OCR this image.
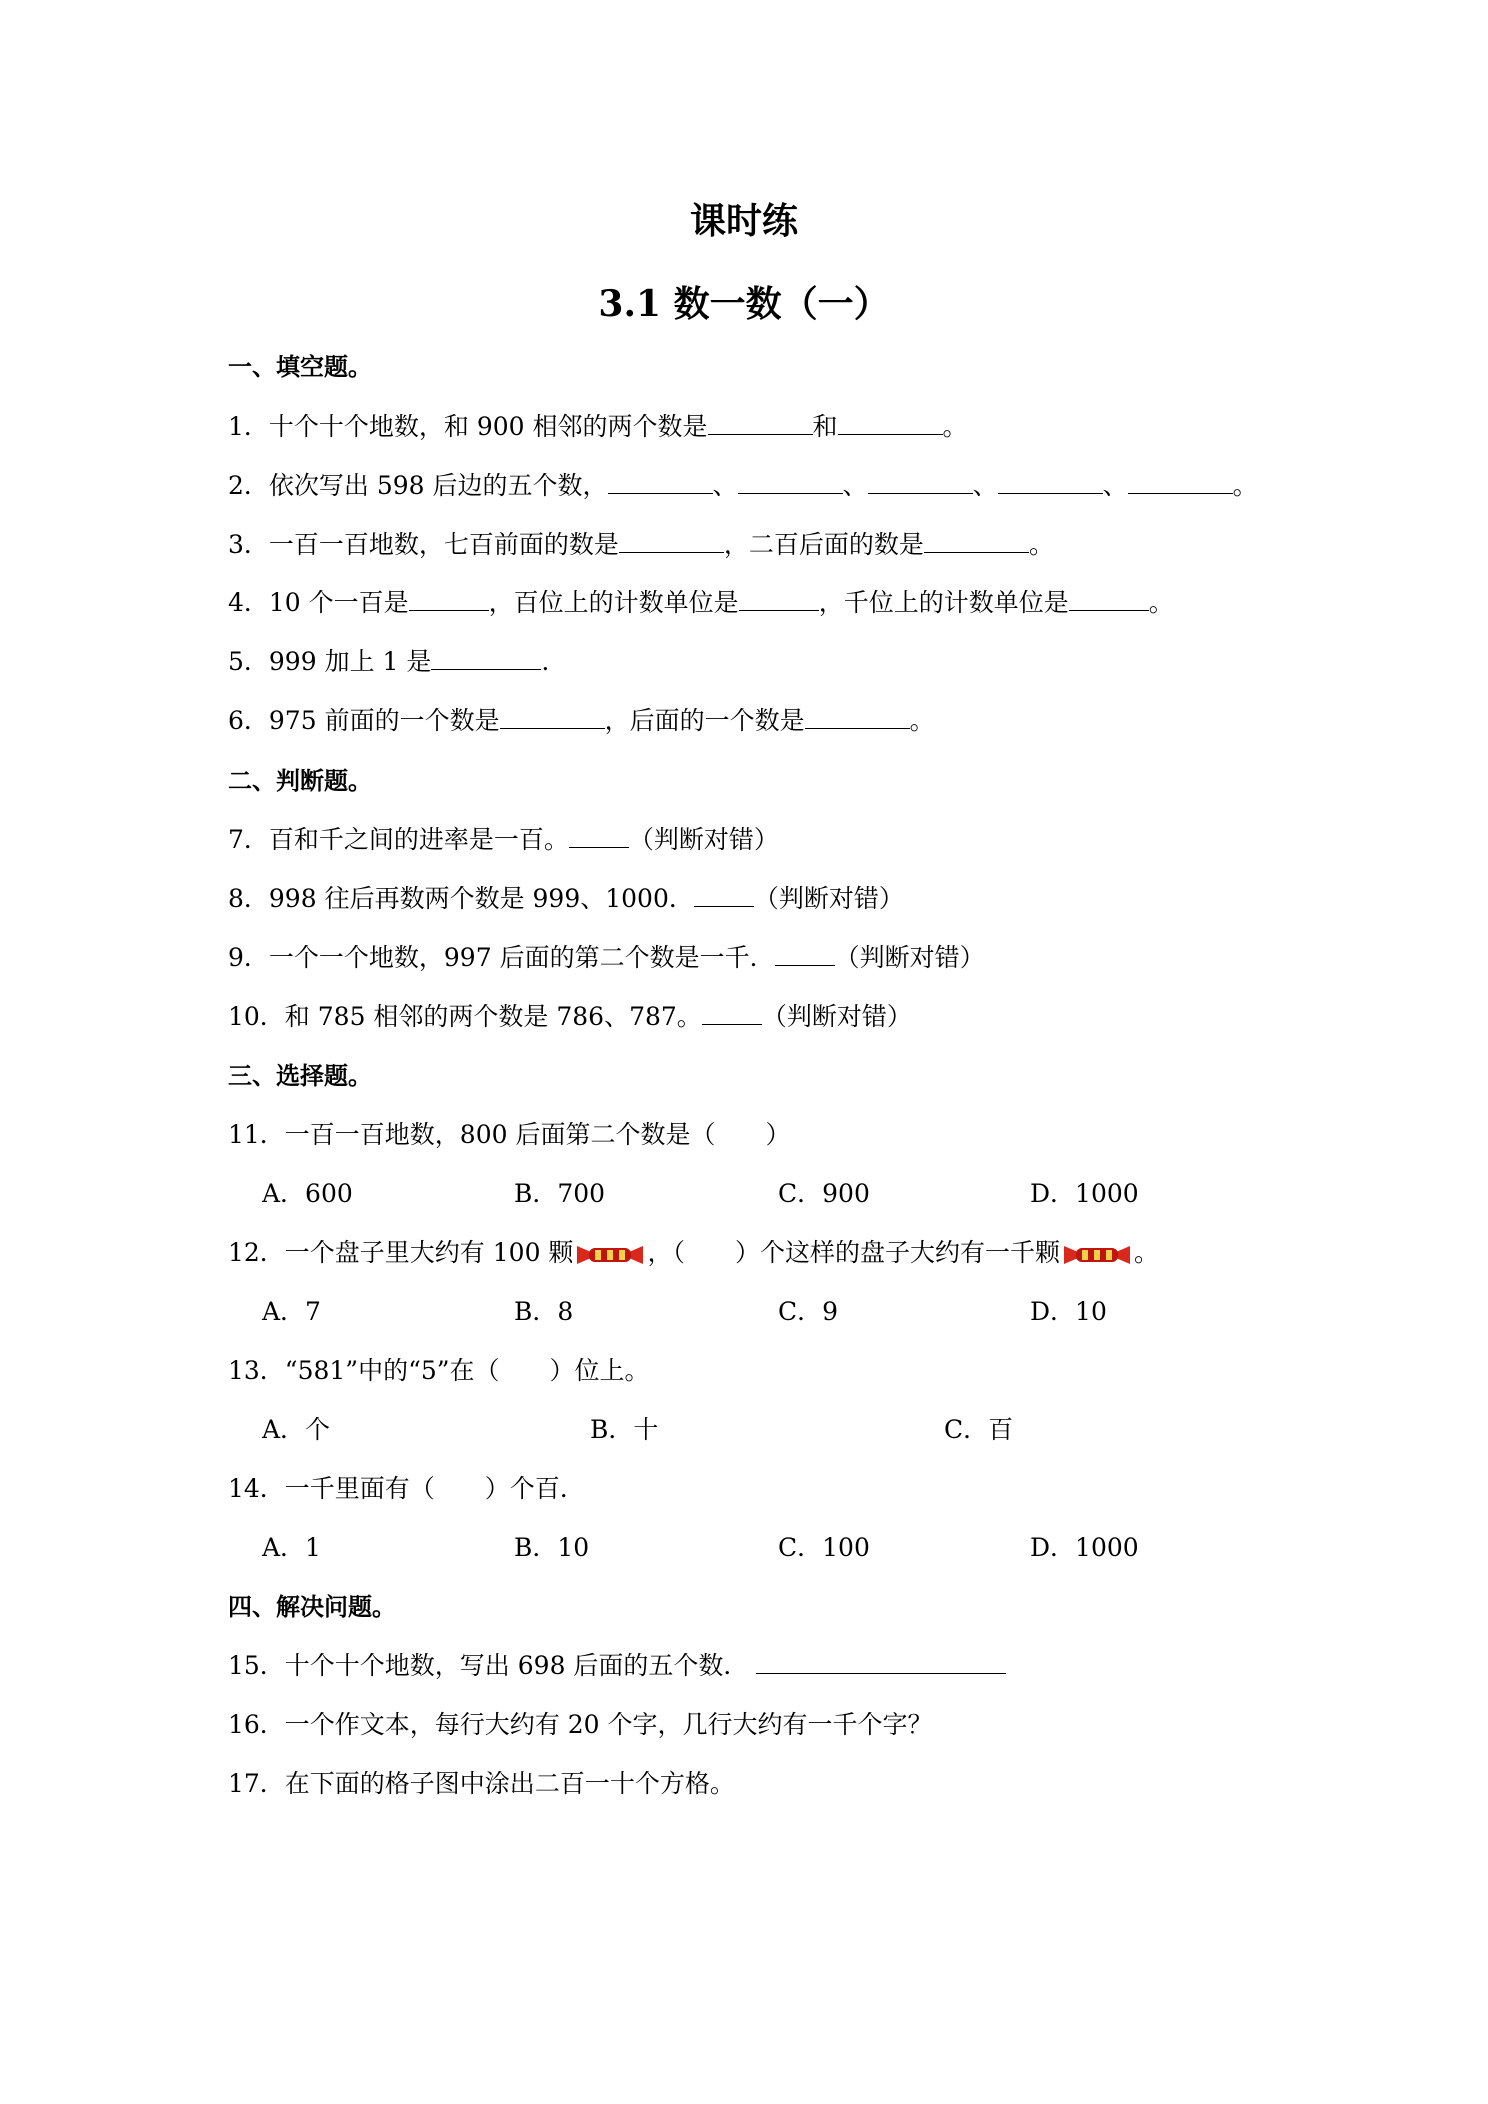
课时练
3.1 数一数（一）
一、填空题。
1．十个十个地数，和 900 相邻的两个数是	和	。
2．依次写出 598 后边的五个数，	、	、	、	、	。
3．一百一百地数，七百前面的数是	，二百后面的数是	。
4．10 个一百是	，百位上的计数单位是	，千位上的计数单位是	。
5．999 加上 1 是	.
6．975 前面的一个数是	，后面的一个数是	。
二、判断题。
7．百和千之间的进率是一百。 （判断对错）
8．998 往后再数两个数是 999、1000． （判断对错）
9．一个一个地数，997 后面的第二个数是一千． （判断对错）
10．和 785 相邻的两个数是 786、787。 （判断对错）
三、选择题。
11．一百一百地数，800 后面第二个数是（　　）
A．600	B．700	C．900	D．1000
12．一个盘子里大约有 100 颗	，（　　）个这样的盘子大约有一千颗	。
A．7	B．8	C．9	D．10
13．“581”中的“5”在（　　）位上。
A．个	B．十	C．百
14．一千里面有（　　）个百．
A．1	B．10	C．100	D．1000
四、解决问题。
15．十个十个地数，写出 698 后面的五个数．
16．一个作文本，每行大约有 20 个字，几行大约有一千个字？
17．在下面的格子图中涂出二百一十个方格。
